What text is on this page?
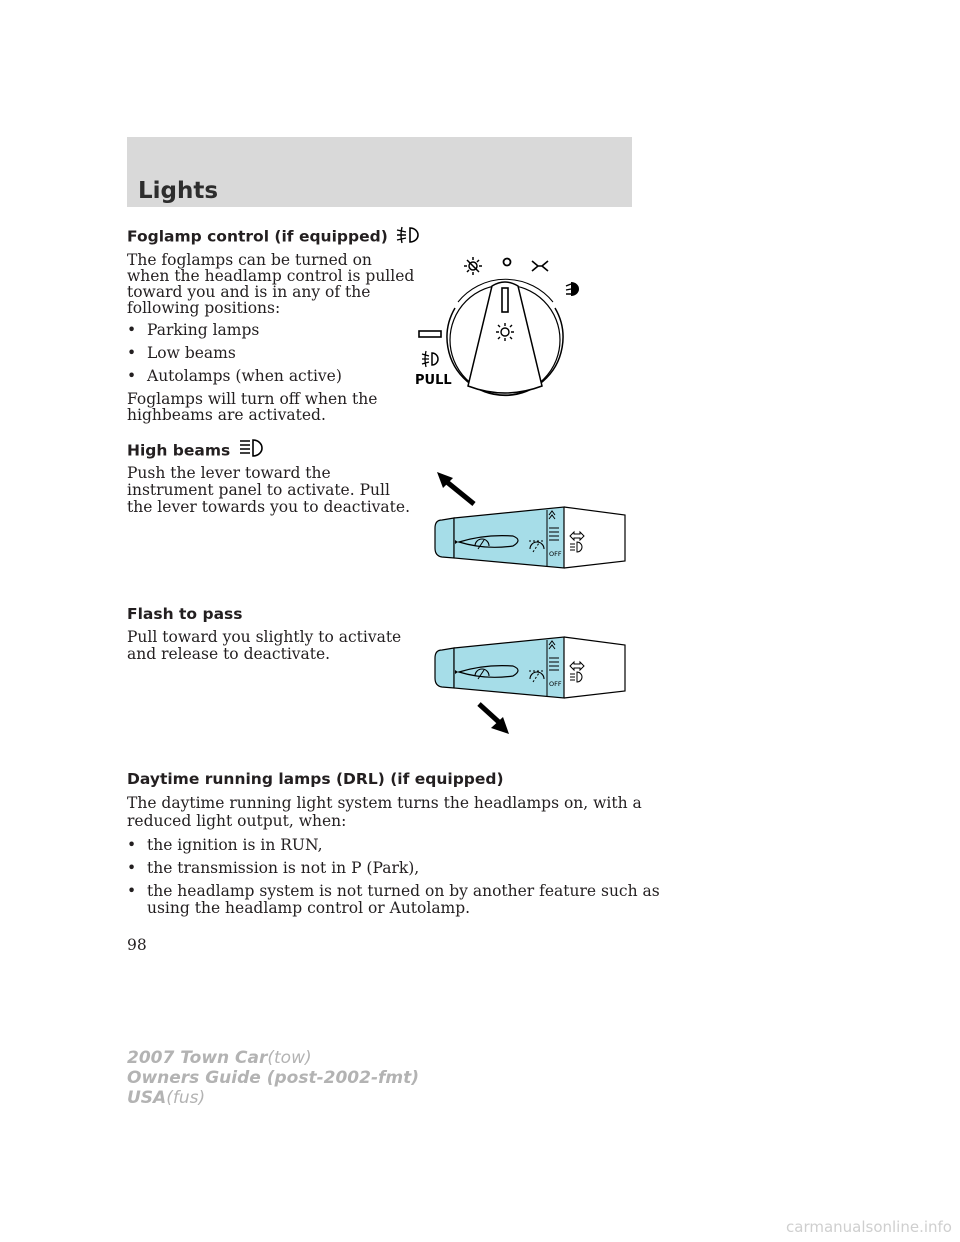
Lights
Foglamp control (if equipped)
The foglamps can be turned on
when the headlamp control is pulled
toward you and is in any of the
following positions:
• Parking lamps
• Low beams
• Autolamps (when active)
Foglamps will turn off when the
highbeams are activated.
PULL
High beams
Push the lever toward the
instrument panel to activate. Pull
the lever towards you to deactivate.
OFF
Flash to pass
Pull toward you slightly to activate
and release to deactivate.
OFF
Daytime running lamps (DRL) (if equipped)
The daytime running light system turns the headlamps on, with a
reduced light output, when:
• the ignition is in RUN,
• the transmission is not in P (Park),
• the headlamp system is not turned on by another feature such as
using the headlamp control or Autolamp.
98
2007 Town Car(tow)
Owners Guide (post-2002-fmt)
USA(fus)
carmanualsonline.info
